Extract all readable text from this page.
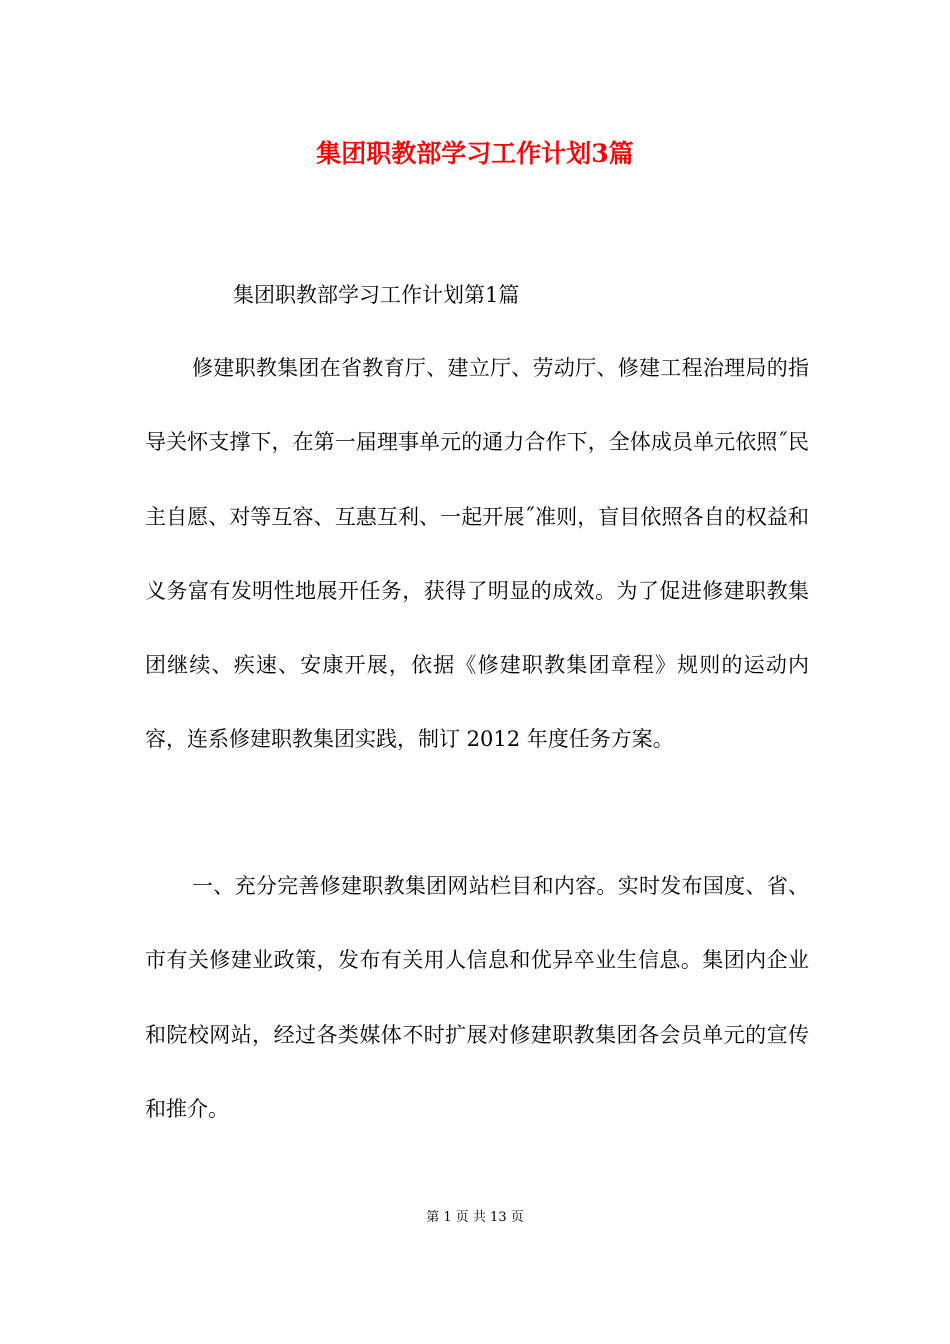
集团职教部学习工作计划3篇
集团职教部学习工作计划第1篇
修建职教集团在省教育厅、建立厅、劳动厅、修建工程治理局的指导关怀支撑下，在第一届理事单元的通力合作下，全体成员单元依照˝民主自愿、对等互容、互惠互利、一起开展˝准则，盲目依照各自的权益和义务富有发明性地展开任务，获得了明显的成效。为了促进修建职教集团继续、疾速、安康开展，依据《修建职教集团章程》规则的运动内容，连系修建职教集团实践，制订 2012 年度任务方案。
一、充分完善修建职教集团网站栏目和内容。实时发布国度、省、市有关修建业政策，发布有关用人信息和优异卒业生信息。集团内企业和院校网站，经过各类媒体不时扩展对修建职教集团各会员单元的宣传和推介。
第 1 页 共 13 页
